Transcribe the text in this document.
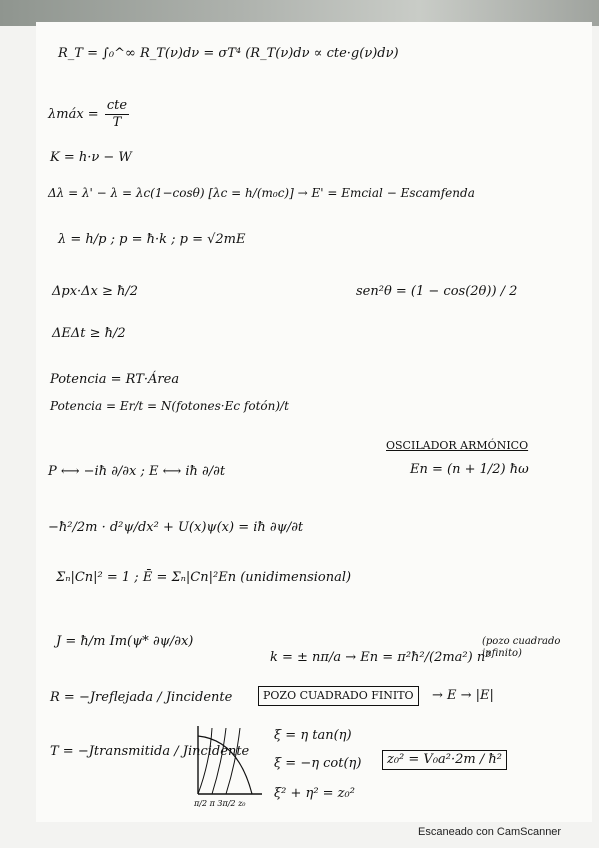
R_T = ∫₀^∞ R_T(ν)dν = σT⁴ (R_T(ν)dν ∝ cte·g(ν)dν)
λmáx = $\frac{\text{cte}}{T}$
K = h·ν − W
Δλ = λ' − λ = λc(1−cosθ) [λc = h/(m₀c)] → E' = Emcial − Escamfenda
λ = h/p ; p = ħ·k ; p = √2mE
Δpx·Δx ≥ ħ/2	sen²θ = (1 − cos(2θ)) / 2
ΔEΔt ≥ ħ/2
Potencia = RT·Área
Potencia = Er/t = N(fotones·Ec fotón)/t
OSCILADOR ARMÓNICO
En = (n + 1/2) ħω
P ⟷ −iħ ∂/∂x ; E ⟷ iħ ∂/∂t
−ħ²/2m · d²ψ/dx² + U(x)ψ(x) = iħ ∂ψ/∂t
Σₙ|Cn|² = 1 ; Ē = Σₙ|Cn|²En (unidimensional)
J = ħ/m Im(ψ* ∂ψ/∂x)
k = ± nπ/a → En = π²ħ²/(2ma²) n²
(pozo cuadrado infinito)
R = −Jreflejada / Jincidente	POZO CUADRADO FINITO	→ E → |E|
T = −Jtransmitida / Jincidente
π/2 π 3π/2 z₀
ξ = η tan(η)
ξ = −η cot(η)
ξ² + η² = z₀²
z₀² = V₀a²·2m / ħ²
Escaneado con CamScanner
